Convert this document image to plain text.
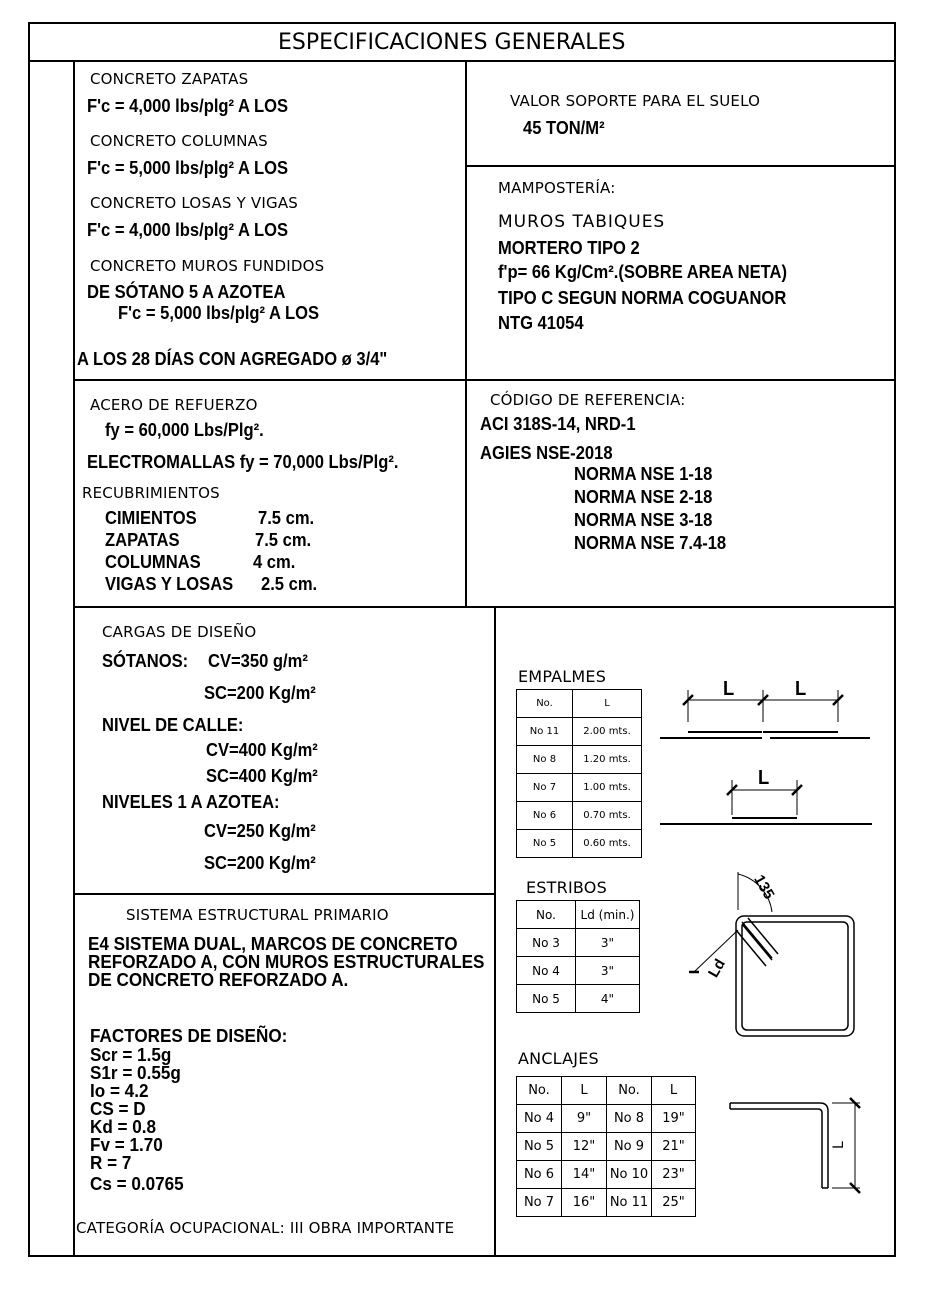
ESPECIFICACIONES GENERALES
CONCRETO ZAPATAS
F'c = 4,000 lbs/plg² A LOS
CONCRETO COLUMNAS
F'c = 5,000 lbs/plg² A LOS
CONCRETO LOSAS Y VIGAS
F'c = 4,000 lbs/plg² A LOS
CONCRETO MUROS FUNDIDOS
DE SÓTANO 5 A AZOTEA
F'c = 5,000 lbs/plg² A LOS
A LOS 28 DÍAS CON AGREGADO ø 3/4"
VALOR SOPORTE PARA EL SUELO
45 TON/M²
MAMPOSTERÍA:
MUROS TABIQUES
MORTERO TIPO 2
f'p= 66 Kg/Cm².(SOBRE AREA NETA)
TIPO C SEGUN NORMA COGUANOR
NTG 41054
ACERO DE REFUERZO
fy = 60,000 Lbs/Plg².
ELECTROMALLAS fy = 70,000 Lbs/Plg².
RECUBRIMIENTOS
CIMIENTOS	7.5 cm.
ZAPATAS	7.5 cm.
COLUMNAS	4 cm.
VIGAS Y LOSAS 2.5 cm.
CÓDIGO DE REFERENCIA:
ACI 318S-14, NRD-1
AGIES NSE-2018
NORMA NSE 1-18
NORMA NSE 2-18
NORMA NSE 3-18
NORMA NSE 7.4-18
CARGAS DE DISEÑO
SÓTANOS: CV=350 g/m²
SC=200 Kg/m²
NIVEL DE CALLE:
CV=400 Kg/m²
SC=400 Kg/m²
NIVELES 1 A AZOTEA:
CV=250 Kg/m²
SC=200 Kg/m²
SISTEMA ESTRUCTURAL PRIMARIO
E4 SISTEMA DUAL, MARCOS DE CONCRETO
REFORZADO A, CON MUROS ESTRUCTURALES
DE CONCRETO REFORZADO A.
FACTORES DE DISEÑO:
Scr = 1.5g
S1r = 0.55g
Io = 4.2
CS = D
Kd = 0.8
Fv = 1.70
R = 7
Cs = 0.0765
CATEGORÍA OCUPACIONAL: III OBRA IMPORTANTE
EMPALMES
No.	L

No 11	2.00 mts.

No 8	1.20 mts.

No 7	1.00 mts.

No 6	0.70 mts.

No 5	0.60 mts.
L	L
L
ESTRIBOS
No.	Ld (min.)

No 3	3"

No 4	3"

No 5	4"
135
Ld
ANCLAJES
No.	L	No.	L

No 4	9"	No 8	19"

No 5	12"	No 9	21"

No 6	14"	No 10	23"

No 7	16"	No 11	25"
L
